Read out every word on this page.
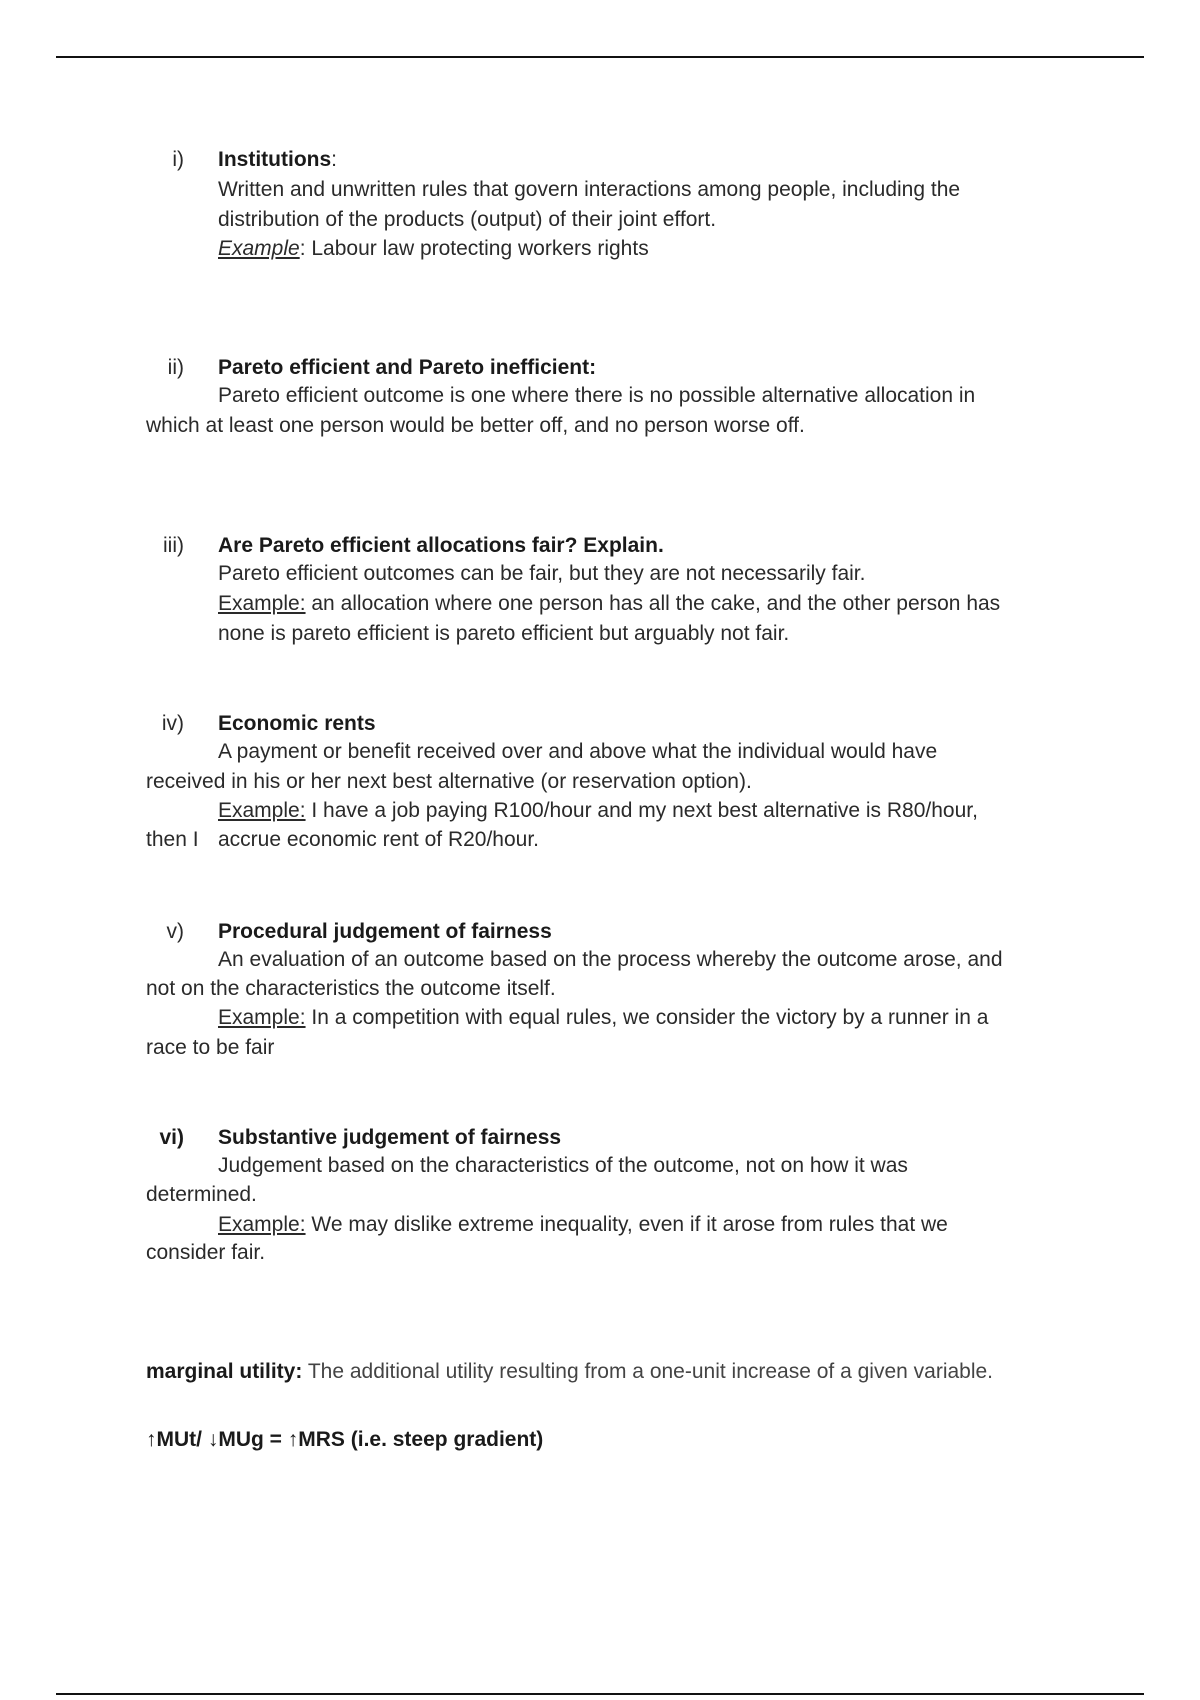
i) Institutions:
Written and unwritten rules that govern interactions among people, including the
distribution of the products (output) of their joint effort.
Example: Labour law protecting workers rights
ii) Pareto efficient and Pareto inefficient:
Pareto efficient outcome is one where there is no possible alternative allocation in
which at least one person would be better off, and no person worse off.
iii) Are Pareto efficient allocations fair? Explain.
Pareto efficient outcomes can be fair, but they are not necessarily fair.
Example: an allocation where one person has all the cake, and the other person has
none is pareto efficient is pareto efficient but arguably not fair.
iv) Economic rents
A payment or benefit received over and above what the individual would have
received in his or her next best alternative (or reservation option).
Example: I have a job paying R100/hour and my next best alternative is R80/hour,
then I accrue economic rent of R20/hour.
v) Procedural judgement of fairness
An evaluation of an outcome based on the process whereby the outcome arose, and
not on the characteristics the outcome itself.
Example: In a competition with equal rules, we consider the victory by a runner in a
race to be fair
vi) Substantive judgement of fairness
Judgement based on the characteristics of the outcome, not on how it was
determined.
Example: We may dislike extreme inequality, even if it arose from rules that we
consider fair.
marginal utility: The additional utility resulting from a one-unit increase of a given variable.
↑MUt/ ↓MUg = ↑MRS (i.e. steep gradient)
